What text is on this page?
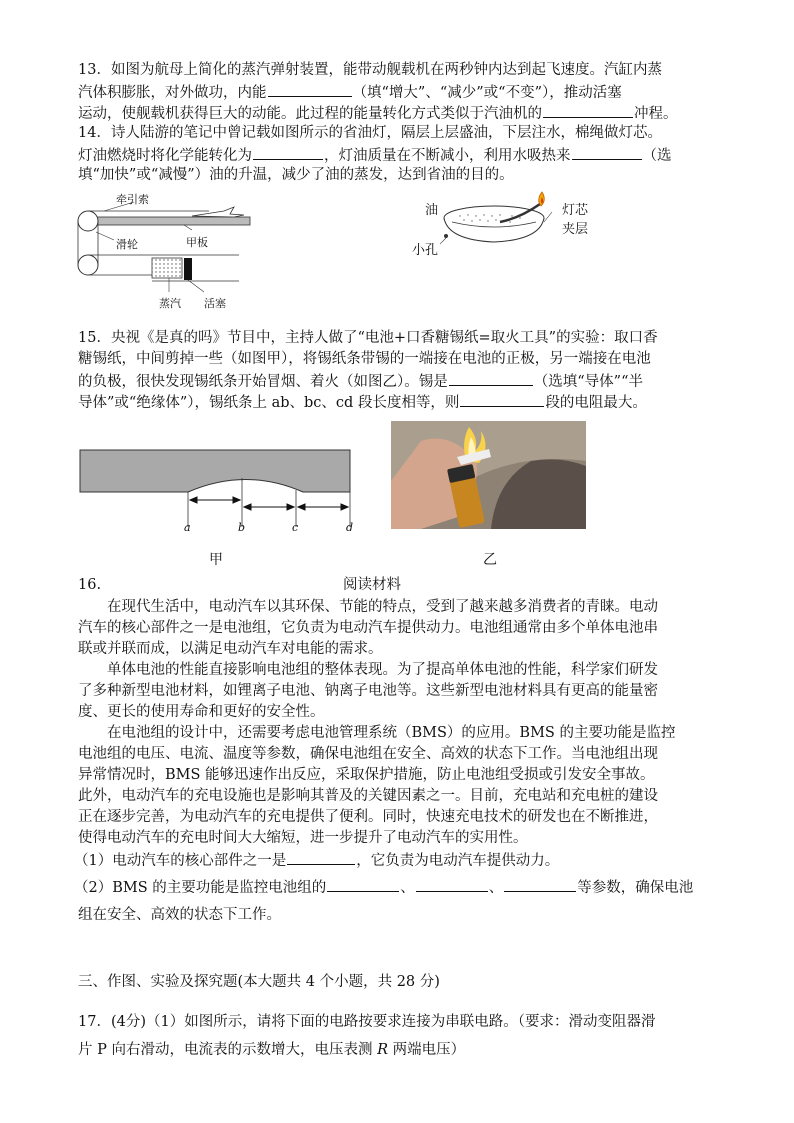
13．如图为航母上简化的蒸汽弹射装置，能带动舰载机在两秒钟内达到起飞速度。汽缸内蒸
汽体积膨胀，对外做功，内能	（填“增大”、“减少”或“不变”），推动活塞
运动，使舰载机获得巨大的动能。此过程的能量转化方式类似于汽油机的	冲程。
14．诗人陆游的笔记中曾记载如图所示的省油灯，隔层上层盛油，下层注水，棉绳做灯芯。
灯油燃烧时将化学能转化为	，灯油质量在不断减小，利用水吸热来	（选
填“加快”或“减慢”）油的升温，减少了油的蒸发，达到省油的目的。
牵引索
滑轮	甲板
蒸汽 活塞
油	灯芯
夹层
小孔
15．央视《是真的吗》节目中，主持人做了“电池+口香糖锡纸=取火工具”的实验：取口香
糖锡纸，中间剪掉一些（如图甲），将锡纸条带锡的一端接在电池的正极，另一端接在电池
的负极，很快发现锡纸条开始冒烟、着火（如图乙）。锡是	（选填“导体”“半
导体”或“绝缘体”），锡纸条上 ab、bc、cd 段长度相等，则	段的电阻最大。
a	b	c	d
甲	乙
16.	阅读材料
在现代生活中，电动汽车以其环保、节能的特点，受到了越来越多消费者的青睐。电动
汽车的核心部件之一是电池组，它负责为电动汽车提供动力。电池组通常由多个单体电池串
联或并联而成，以满足电动汽车对电能的需求。
单体电池的性能直接影响电池组的整体表现。为了提高单体电池的性能，科学家们研发
了多种新型电池材料，如锂离子电池、钠离子电池等。这些新型电池材料具有更高的能量密
度、更长的使用寿命和更好的安全性。
在电池组的设计中，还需要考虑电池管理系统（BMS）的应用。BMS 的主要功能是监控
电池组的电压、电流、温度等参数，确保电池组在安全、高效的状态下工作。当电池组出现
异常情况时，BMS 能够迅速作出反应，采取保护措施，防止电池组受损或引发安全事故。
此外，电动汽车的充电设施也是影响其普及的关键因素之一。目前，充电站和充电桩的建设
正在逐步完善，为电动汽车的充电提供了便利。同时，快速充电技术的研发也在不断推进，
使得电动汽车的充电时间大大缩短，进一步提升了电动汽车的实用性。
（1）电动汽车的核心部件之一是	，它负责为电动汽车提供动力。
（2）BMS 的主要功能是监控电池组的	、	、	等参数，确保电池
组在安全、高效的状态下工作。
三、作图、实验及探究题(本大题共 4 个小题，共 28 分)
17．(4分)（1）如图所示，请将下面的电路按要求连接为串联电路。（要求：滑动变阻器滑
片 P 向右滑动，电流表的示数增大，电压表测 R 两端电压）
